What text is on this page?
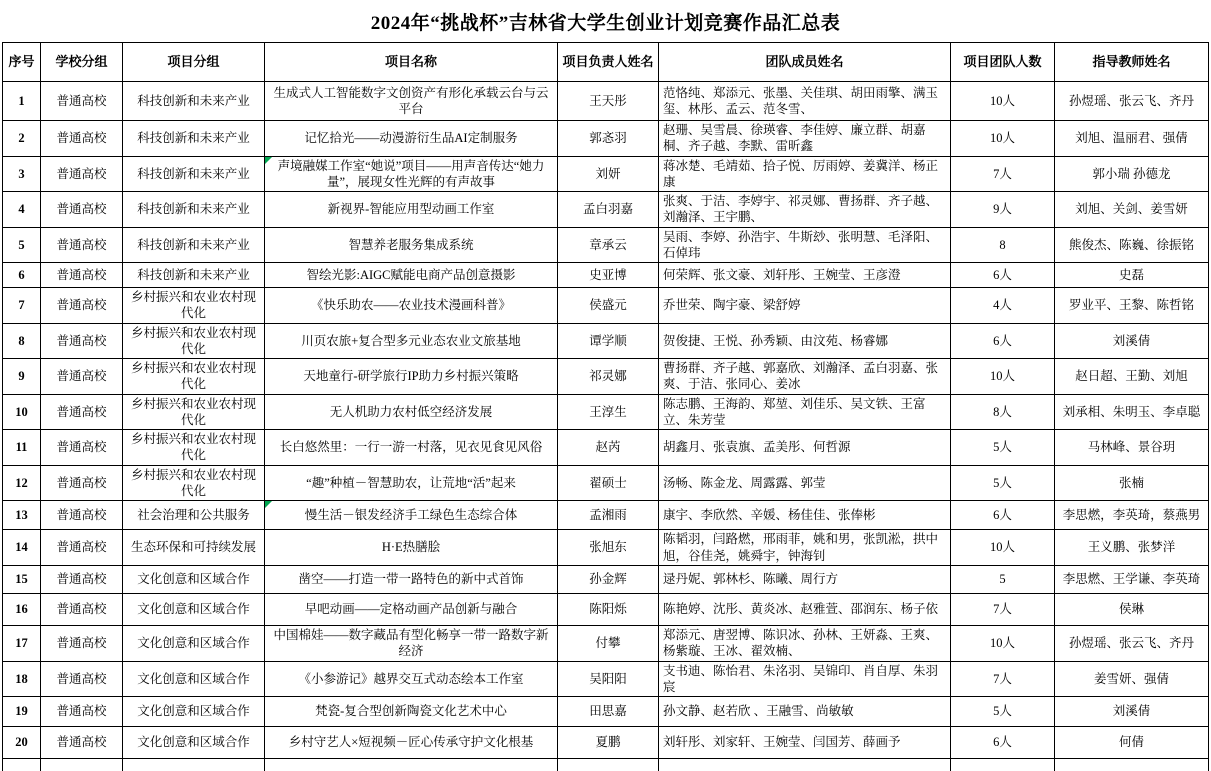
2024年“挑战杯”吉林省大学生创业计划竞赛作品汇总表
序号	学校分组	项目分组	项目名称	项目负责人姓名	团队成员姓名	项目团队人数	指导教师姓名
1	普通高校	科技创新和未来产业	生成式人工智能数字文创资产有形化承载云台与云平台	王天彤	范恪纯、郑添元、张墨、关佳琪、胡田雨擎、满玉玺、林彤、孟云、范冬雪、	10人	孙煜瑶、张云飞、齐丹
2	普通高校	科技创新和未来产业	记忆拾光——动漫游衍生品AI定制服务	郭忞羽	赵珊、吴雪晨、徐瑛睿、李佳婷、廉立群、胡嘉桐、齐子越、李默、雷昕鑫	10人	刘旭、温丽君、强倩
3	普通高校	科技创新和未来产业	声境融媒工作室“她说”项目——用声音传达“她力量”，展现女性光辉的有声故事	刘妍	蒋冰楚、毛靖茹、拾子悦、厉雨婷、姜冀洋、杨正康	7人	郭小瑞 孙德龙
4	普通高校	科技创新和未来产业	新视界-智能应用型动画工作室	孟白羽嘉	张爽、于洁、李婷宇、祁灵娜、曹扬群、齐子越、刘瀚泽、王宇鹏、	9人	刘旭、关剑、姜雪妍
5	普通高校	科技创新和未来产业	智慧养老服务集成系统	章承云	吴雨、李婷、孙浩宇、牛斯玅、张明慧、毛泽阳、石倬玮	8	熊俊杰、陈巍、徐振铭
6	普通高校	科技创新和未来产业	智绘光影:AIGC赋能电商产品创意摄影	史亚博	何荣辉、张文豪、刘轩彤、王婉莹、王彦澄	6人	史磊
7	普通高校	乡村振兴和农业农村现代化	《快乐助农——农业技术漫画科普》	侯盛元	乔世荣、陶宇豪、梁舒婷	4人	罗业平、王黎、陈哲铭
8	普通高校	乡村振兴和农业农村现代化	川页农旅+复合型多元业态农业文旅基地	谭学顺	贺俊捷、王悦、孙秀颖、由汶苑、杨睿娜	6人	刘溪倩
9	普通高校	乡村振兴和农业农村现代化	天地童行-研学旅行IP助力乡村振兴策略	祁灵娜	曹扬群、齐子越、郭嘉欣、刘瀚泽、孟白羽嘉、张爽、于洁、张同心、姜冰	10人	赵日超、王勤、刘旭
10	普通高校	乡村振兴和农业农村现代化	无人机助力农村低空经济发展	王淳生	陈志鹏、王海韵、郑堃、刘佳乐、吴文铁、王富立、朱芳莹	8人	刘承相、朱明玉、李卓聪
11	普通高校	乡村振兴和农业农村现代化	长白悠然里：一行一游一村落，见衣见食见风俗	赵芮	胡鑫月、张袁旗、孟美彤、何哲源	5人	马林峰、景谷玥
12	普通高校	乡村振兴和农业农村现代化	“趣”种植－智慧助农，让荒地“活”起来	翟硕士	汤畅、陈金龙、周露露、郭莹	5人	张楠
13	普通高校	社会治理和公共服务	慢生活－银发经济手工绿色生态综合体	孟湘雨	康宇、李欣然、辛媛、杨佳佳、张俸彬	6人	李思燃，李英琦，蔡燕男
14	普通高校	生态环保和可持续发展	H·E热膳脍	张旭东	陈韬羽，闫路燃，邢雨菲，姚和男，张凯淞，拱中旭，谷佳尧，姚舜宇，钟海钊	10人	王义鹏、张梦洋
15	普通高校	文化创意和区域合作	凿空——打造一带一路特色的新中式首饰	孙金辉	逯丹妮、郭林杉、陈曦、周行方	5	李思燃、王学谦、李英琦
16	普通高校	文化创意和区域合作	早吧动画——定格动画产品创新与融合	陈阳烁	陈艳婷、沈彤、黄炎冰、赵雅萱、邵润东、杨子依	7人	侯琳
17	普通高校	文化创意和区域合作	中国棉娃——数字藏品有型化畅享一带一路数字新经济	付攀	郑添元、唐翌博、陈识冰、孙林、王妍淼、王爽、杨紫璇、王冰、翟效楠、	10人	孙煜瑶、张云飞、齐丹
18	普通高校	文化创意和区域合作	《小参游记》越界交互式动态绘本工作室	吴阳阳	支书迪、陈怡君、朱洺羽、吴锦印、肖自厚、朱羽宸	7人	姜雪妍、强倩
19	普通高校	文化创意和区域合作	梵瓷-复合型创新陶瓷文化艺术中心	田思嘉	孙文静、赵若欣 、王融雪、尚敏敏	5人	刘溪倩
20	普通高校	文化创意和区域合作	乡村守艺人×短视频－匠心传承守护文化根基	夏鹏	刘轩彤、刘家轩、王婉莹、闫国芳、薛画予	6人	何倩
